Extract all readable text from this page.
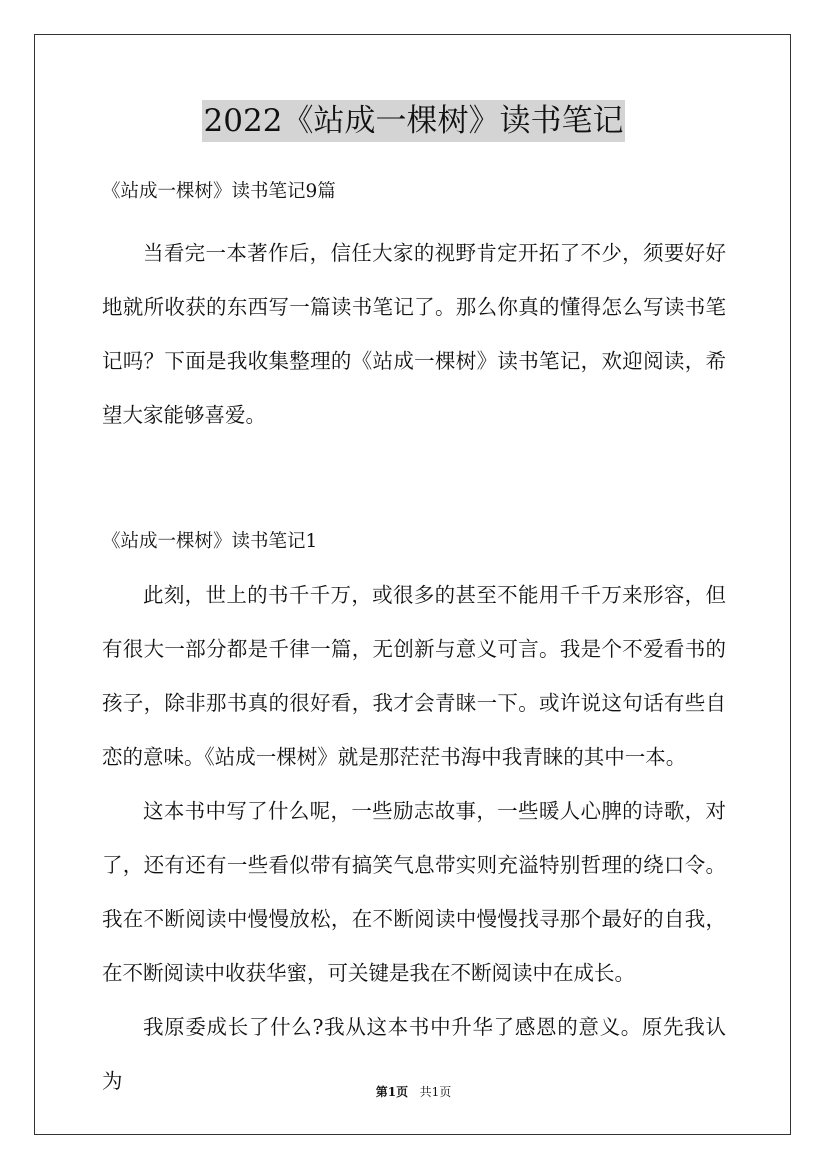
2022《站成一棵树》读书笔记

《站成一棵树》读书笔记9篇

当看完一本著作后，信任大家的视野肯定开拓了不少，须要好好地就所收获的东西写一篇读书笔记了。那么你真的懂得怎么写读书笔记吗？下面是我收集整理的《站成一棵树》读书笔记，欢迎阅读，希望大家能够喜爱。

《站成一棵树》读书笔记1

此刻，世上的书千千万，或很多的甚至不能用千千万来形容，但有很大一部分都是千律一篇，无创新与意义可言。我是个不爱看书的孩子，除非那书真的很好看，我才会青睐一下。或许说这句话有些自恋的意味。《站成一棵树》就是那茫茫书海中我青睐的其中一本。

这本书中写了什么呢，一些励志故事，一些暖人心脾的诗歌，对了，还有还有一些看似带有搞笑气息带实则充溢特别哲理的绕口令。我在不断阅读中慢慢放松，在不断阅读中慢慢找寻那个最好的自我，在不断阅读中收获华蜜，可关键是我在不断阅读中在成长。

我原委成长了什么?我从这本书中升华了感恩的意义。原先我认为	第1页 共1页
